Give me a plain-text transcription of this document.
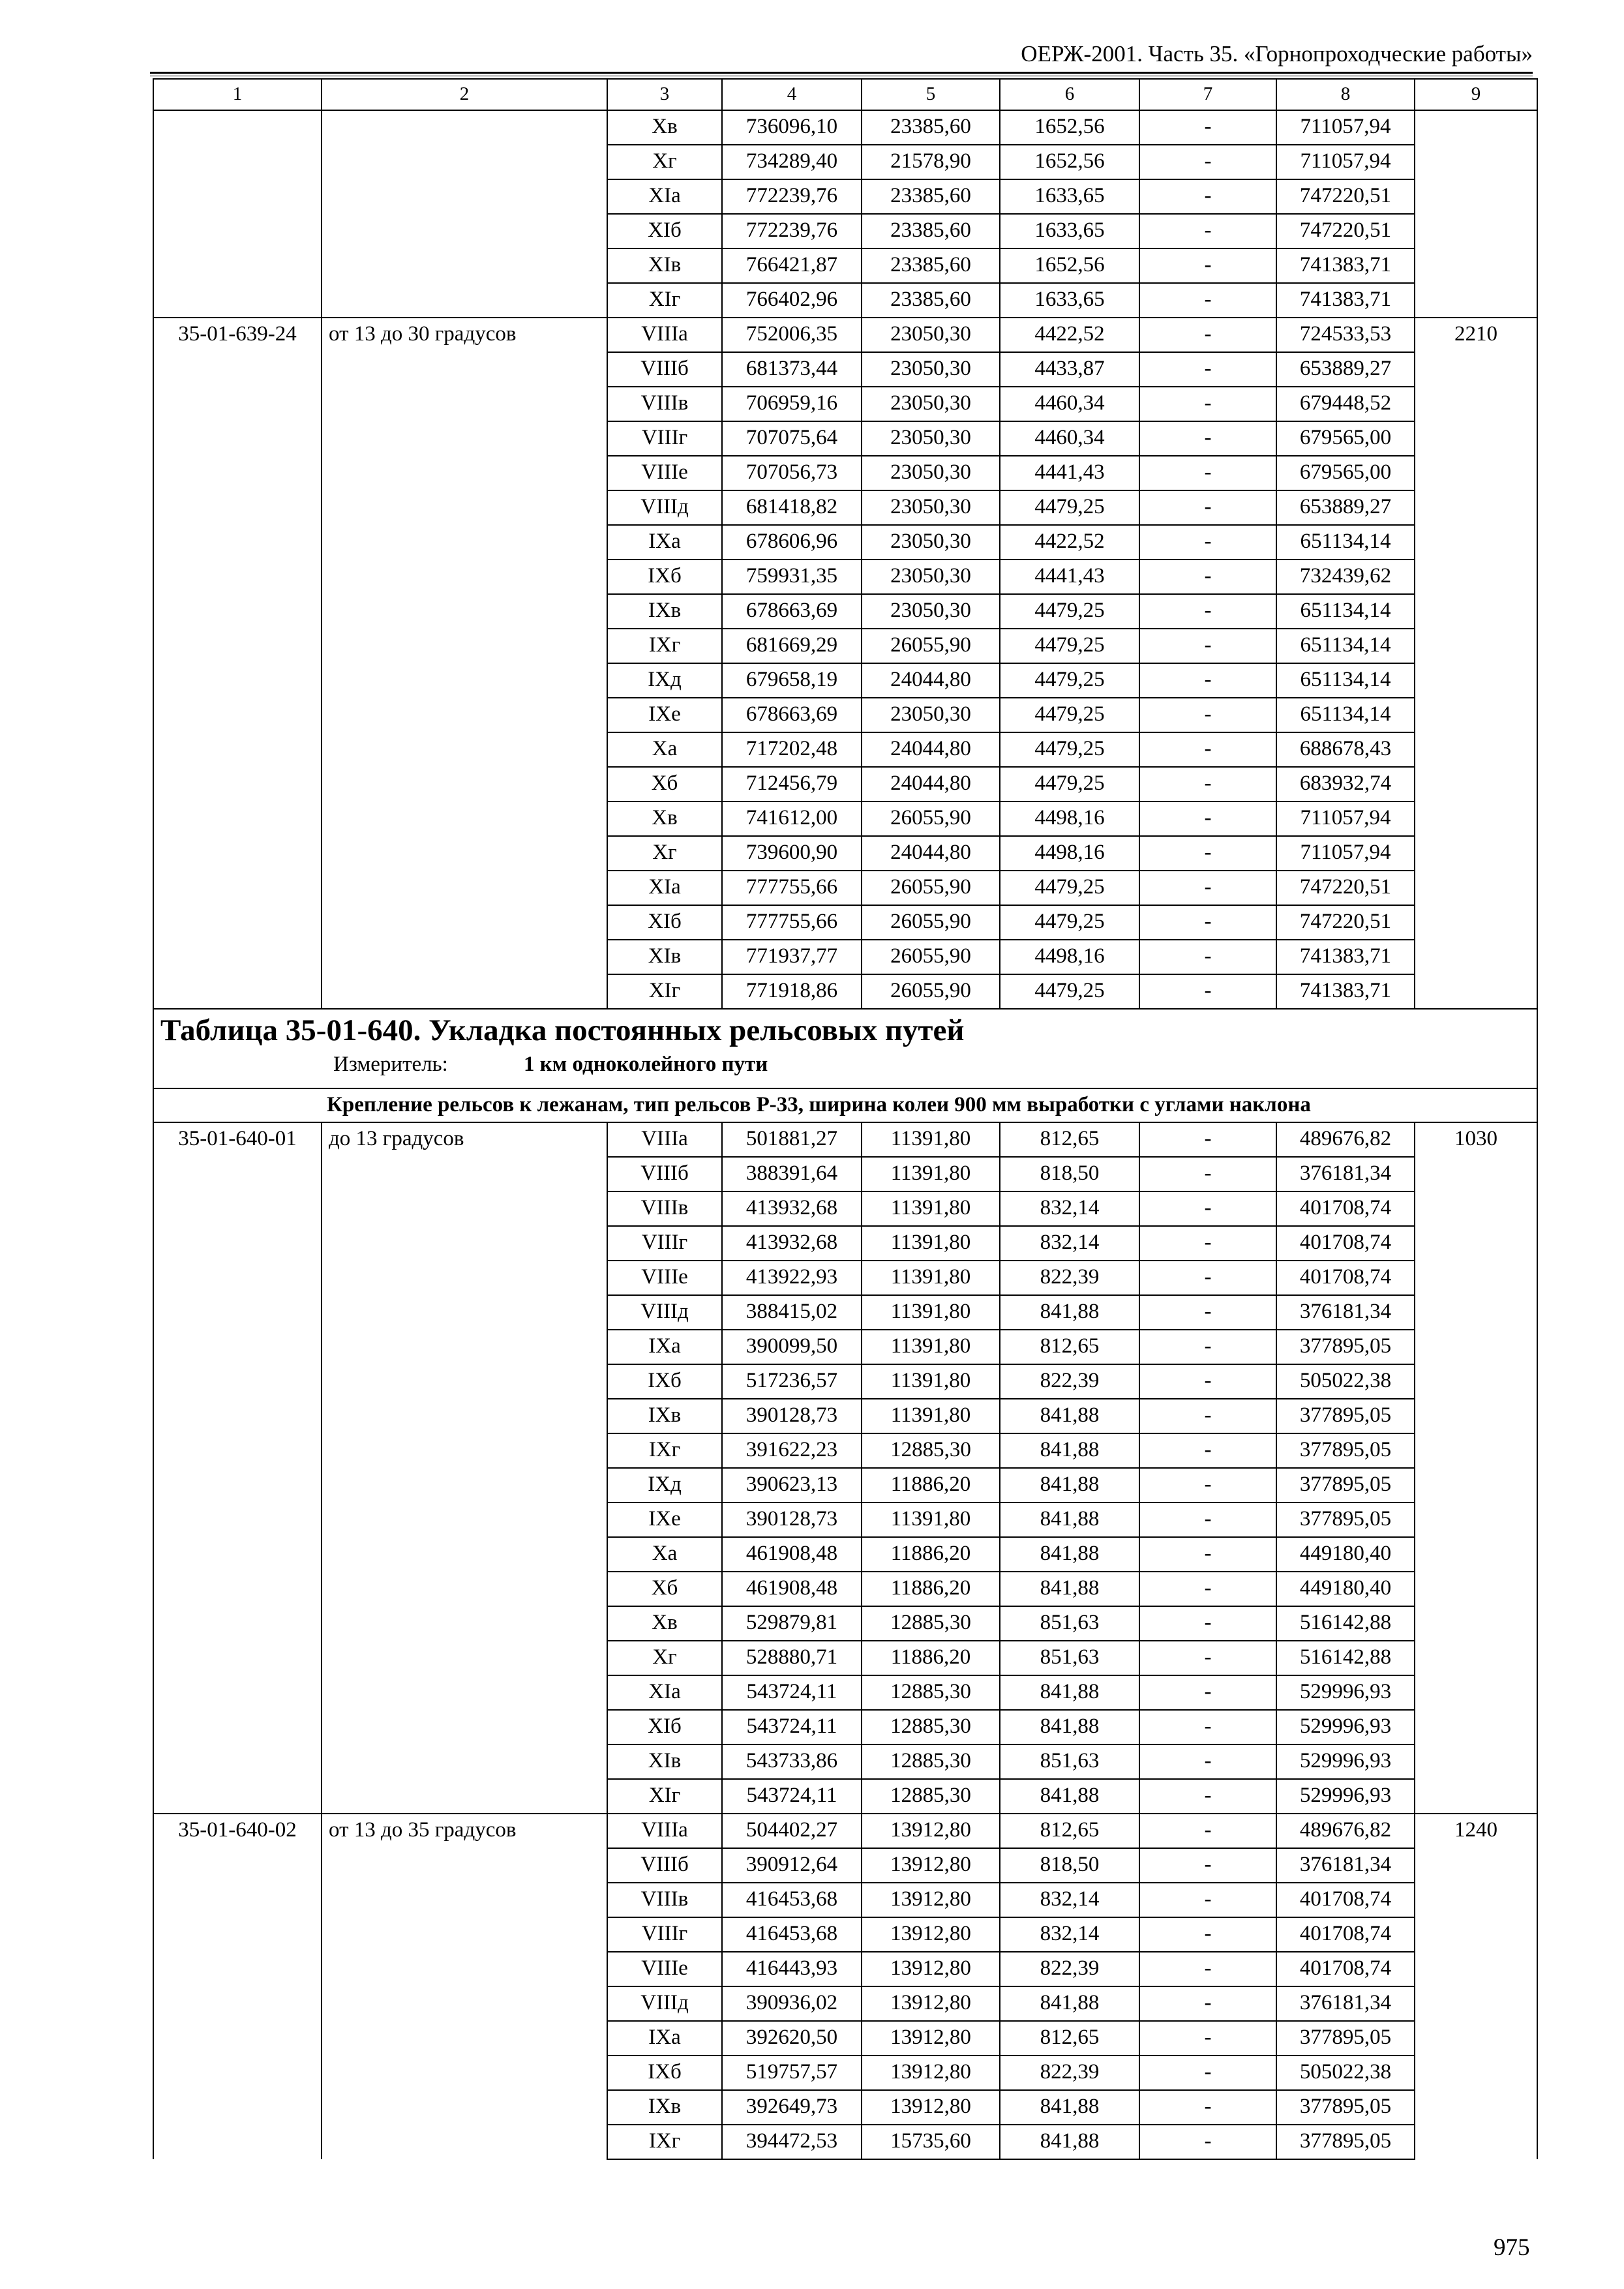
ОЕРЖ-2001. Часть 35. «Горнопроходческие работы»
1	2	3	4	5	6	7	8	9
		Xв	736096,10	23385,60	1652,56	-	711057,94	
		Xг	734289,40	21578,90	1652,56	-	711057,94	
		XIа	772239,76	23385,60	1633,65	-	747220,51	
		XIб	772239,76	23385,60	1633,65	-	747220,51	
		XIв	766421,87	23385,60	1652,56	-	741383,71	
		XIг	766402,96	23385,60	1633,65	-	741383,71	
35-01-639-24	от 13 до 30 градусов	VIIIа	752006,35	23050,30	4422,52	-	724533,53	2210
		VIIIб	681373,44	23050,30	4433,87	-	653889,27	
		VIIIв	706959,16	23050,30	4460,34	-	679448,52	
		VIIIг	707075,64	23050,30	4460,34	-	679565,00	
		VIIIе	707056,73	23050,30	4441,43	-	679565,00	
		VIIIд	681418,82	23050,30	4479,25	-	653889,27	
		IXа	678606,96	23050,30	4422,52	-	651134,14	
		IXб	759931,35	23050,30	4441,43	-	732439,62	
		IXв	678663,69	23050,30	4479,25	-	651134,14	
		IXг	681669,29	26055,90	4479,25	-	651134,14	
		IXд	679658,19	24044,80	4479,25	-	651134,14	
		IXе	678663,69	23050,30	4479,25	-	651134,14	
		Xа	717202,48	24044,80	4479,25	-	688678,43	
		Xб	712456,79	24044,80	4479,25	-	683932,74	
		Xв	741612,00	26055,90	4498,16	-	711057,94	
		Xг	739600,90	24044,80	4498,16	-	711057,94	
		XIа	777755,66	26055,90	4479,25	-	747220,51	
		XIб	777755,66	26055,90	4479,25	-	747220,51	
		XIв	771937,77	26055,90	4498,16	-	741383,71	
		XIг	771918,86	26055,90	4479,25	-	741383,71	

Таблица 35-01-640. Укладка постоянных рельсовых путей
Измеритель: 1 км одноколейного пути								

Крепление рельсов к лежанам, тип рельсов Р-33, ширина колеи 900 мм выработки с углами наклона								
35-01-640-01	до 13 градусов	VIIIа	501881,27	11391,80	812,65	-	489676,82	1030
		VIIIб	388391,64	11391,80	818,50	-	376181,34	
		VIIIв	413932,68	11391,80	832,14	-	401708,74	
		VIIIг	413932,68	11391,80	832,14	-	401708,74	
		VIIIе	413922,93	11391,80	822,39	-	401708,74	
		VIIIд	388415,02	11391,80	841,88	-	376181,34	
		IXа	390099,50	11391,80	812,65	-	377895,05	
		IXб	517236,57	11391,80	822,39	-	505022,38	
		IXв	390128,73	11391,80	841,88	-	377895,05	
		IXг	391622,23	12885,30	841,88	-	377895,05	
		IXд	390623,13	11886,20	841,88	-	377895,05	
		IXе	390128,73	11391,80	841,88	-	377895,05	
		Xа	461908,48	11886,20	841,88	-	449180,40	
		Xб	461908,48	11886,20	841,88	-	449180,40	
		Xв	529879,81	12885,30	851,63	-	516142,88	
		Xг	528880,71	11886,20	851,63	-	516142,88	
		XIа	543724,11	12885,30	841,88	-	529996,93	
		XIб	543724,11	12885,30	841,88	-	529996,93	
		XIв	543733,86	12885,30	851,63	-	529996,93	
		XIг	543724,11	12885,30	841,88	-	529996,93	
35-01-640-02	от 13 до 35 градусов	VIIIа	504402,27	13912,80	812,65	-	489676,82	1240
		VIIIб	390912,64	13912,80	818,50	-	376181,34	
		VIIIв	416453,68	13912,80	832,14	-	401708,74	
		VIIIг	416453,68	13912,80	832,14	-	401708,74	
		VIIIе	416443,93	13912,80	822,39	-	401708,74	
		VIIIд	390936,02	13912,80	841,88	-	376181,34	
		IXа	392620,50	13912,80	812,65	-	377895,05	
		IXб	519757,57	13912,80	822,39	-	505022,38	
		IXв	392649,73	13912,80	841,88	-	377895,05	
		IXг	394472,53	15735,60	841,88	-	377895,05	
975
